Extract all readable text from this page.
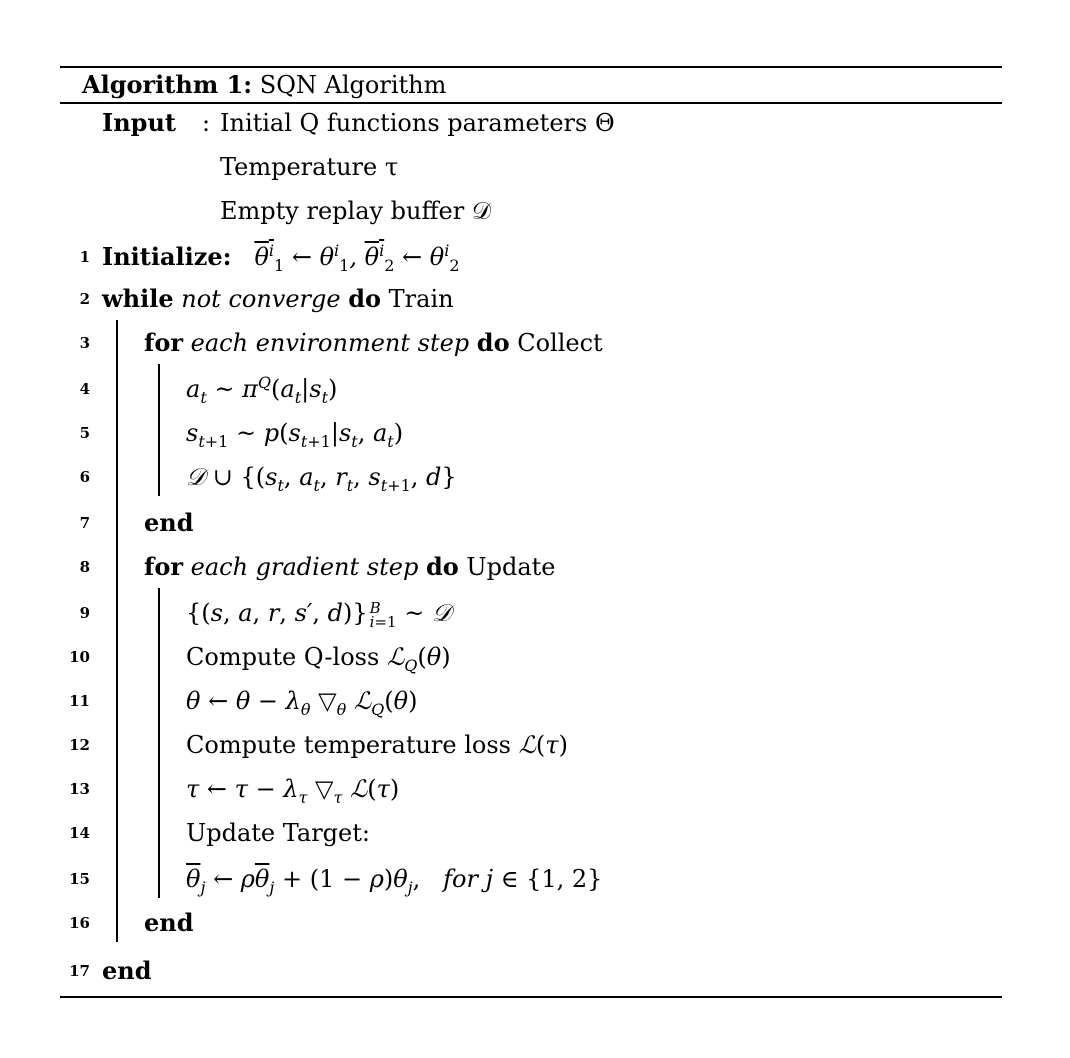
Algorithm 1: SQN Algorithm
Input : Initial Q functions parameters Θ
Temperature τ
Empty replay buffer 𝒟
1 Initialize: $\theta^i_1$ ← $\theta^i_1$, $\theta^i_2$ ← $\theta^i_2$
2 while not converge do Train
3 for each environment step do Collect
4	$a_t$ ~ $\pi^Q(a_t|s_t)$
5	$s_{t+1}$ ~ $p(s_{t+1}|s_t$, $a_t$)
6	𝒟 ∪ {($s_t$, $a_t$, $r_t$, $s_{t+1}$, d}
7 end
8 for each gradient step do Update
9	{(s, a, r, s′, d)} B
i=1 ~ 𝒟
10	Compute Q-loss ℒ$_Q$(θ)
11	θ ← $\theta - \lambda_\theta$ $▽_\theta$ ℒ$_Q$(θ)
12	Compute temperature loss ℒ(τ)
13	τ ← $\tau - \lambda_\tau$ $▽_\tau$ ℒ(τ)
14	Update Target:
15	$\overline{\theta}_j$ ← $\rho\overline{\theta}_j + (1 - \rho)\theta_j$, for j ∈ {1, 2}
16 end
17 end
